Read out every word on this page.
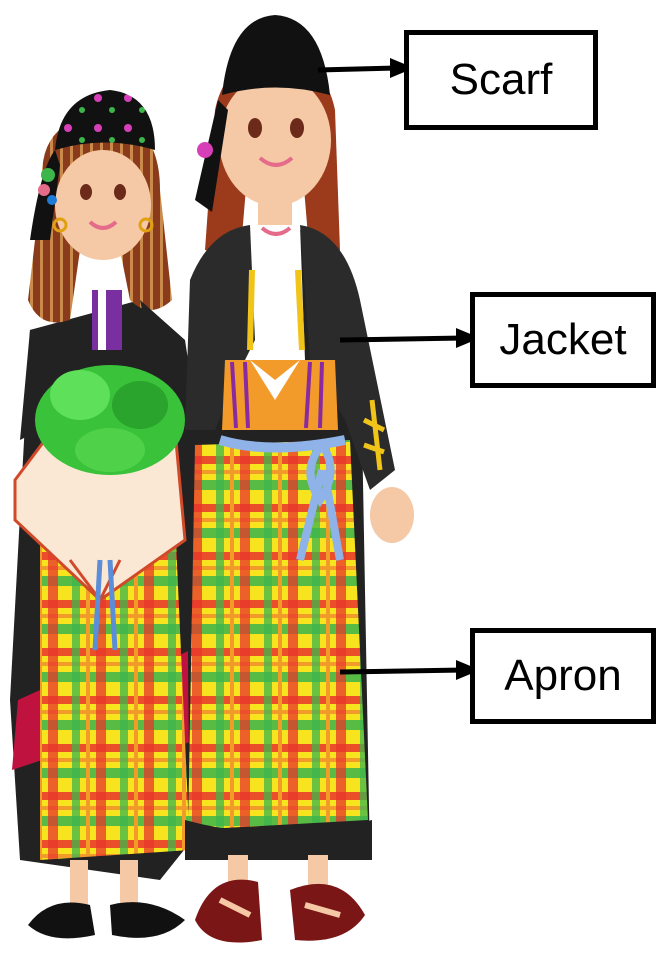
Scarf
Jacket
Apron
